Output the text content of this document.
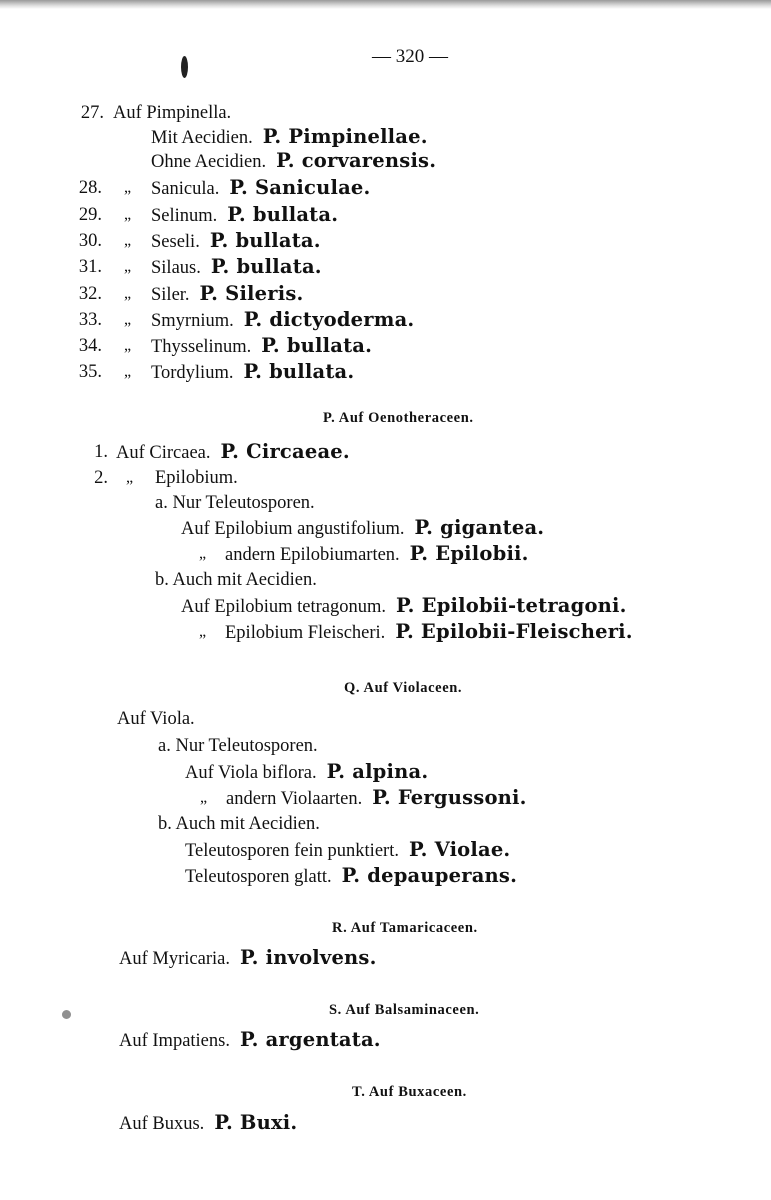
— 320 —
27. Auf Pimpinella.
Mit Aecidien. P. Pimpinellae.
Ohne Aecidien. P. corvarensis.
28. „ Sanicula. P. Saniculae.
29. „ Selinum. P. bullata.
30. „ Seseli. P. bullata.
31. „ Silaus. P. bullata.
32. „ Siler. P. Sileris.
33. „ Smyrnium. P. dictyoderma.
34. „ Thysselinum. P. bullata.
35. „ Tordylium. P. bullata.
P. Auf Oenotheraceen.
1. Auf Circaea. P. Circaeae.
2. „ Epilobium.
a. Nur Teleutosporen.
Auf Epilobium angustifolium. P. gigantea.
„ andern Epilobiumarten. P. Epilobii.
b. Auch mit Aecidien.
Auf Epilobium tetragonum. P. Epilobii-tetragoni.
„ Epilobium Fleischeri. P. Epilobii-Fleischeri.
Q. Auf Violaceen.
Auf Viola.
a. Nur Teleutosporen.
Auf Viola biflora. P. alpina.
„ andern Violaarten. P. Fergussoni.
b. Auch mit Aecidien.
Teleutosporen fein punktiert. P. Violae.
Teleutosporen glatt. P. depauperans.
R. Auf Tamaricaceen.
Auf Myricaria. P. involvens.
S. Auf Balsaminaceen.
Auf Impatiens. P. argentata.
T. Auf Buxaceen.
Auf Buxus. P. Buxi.
